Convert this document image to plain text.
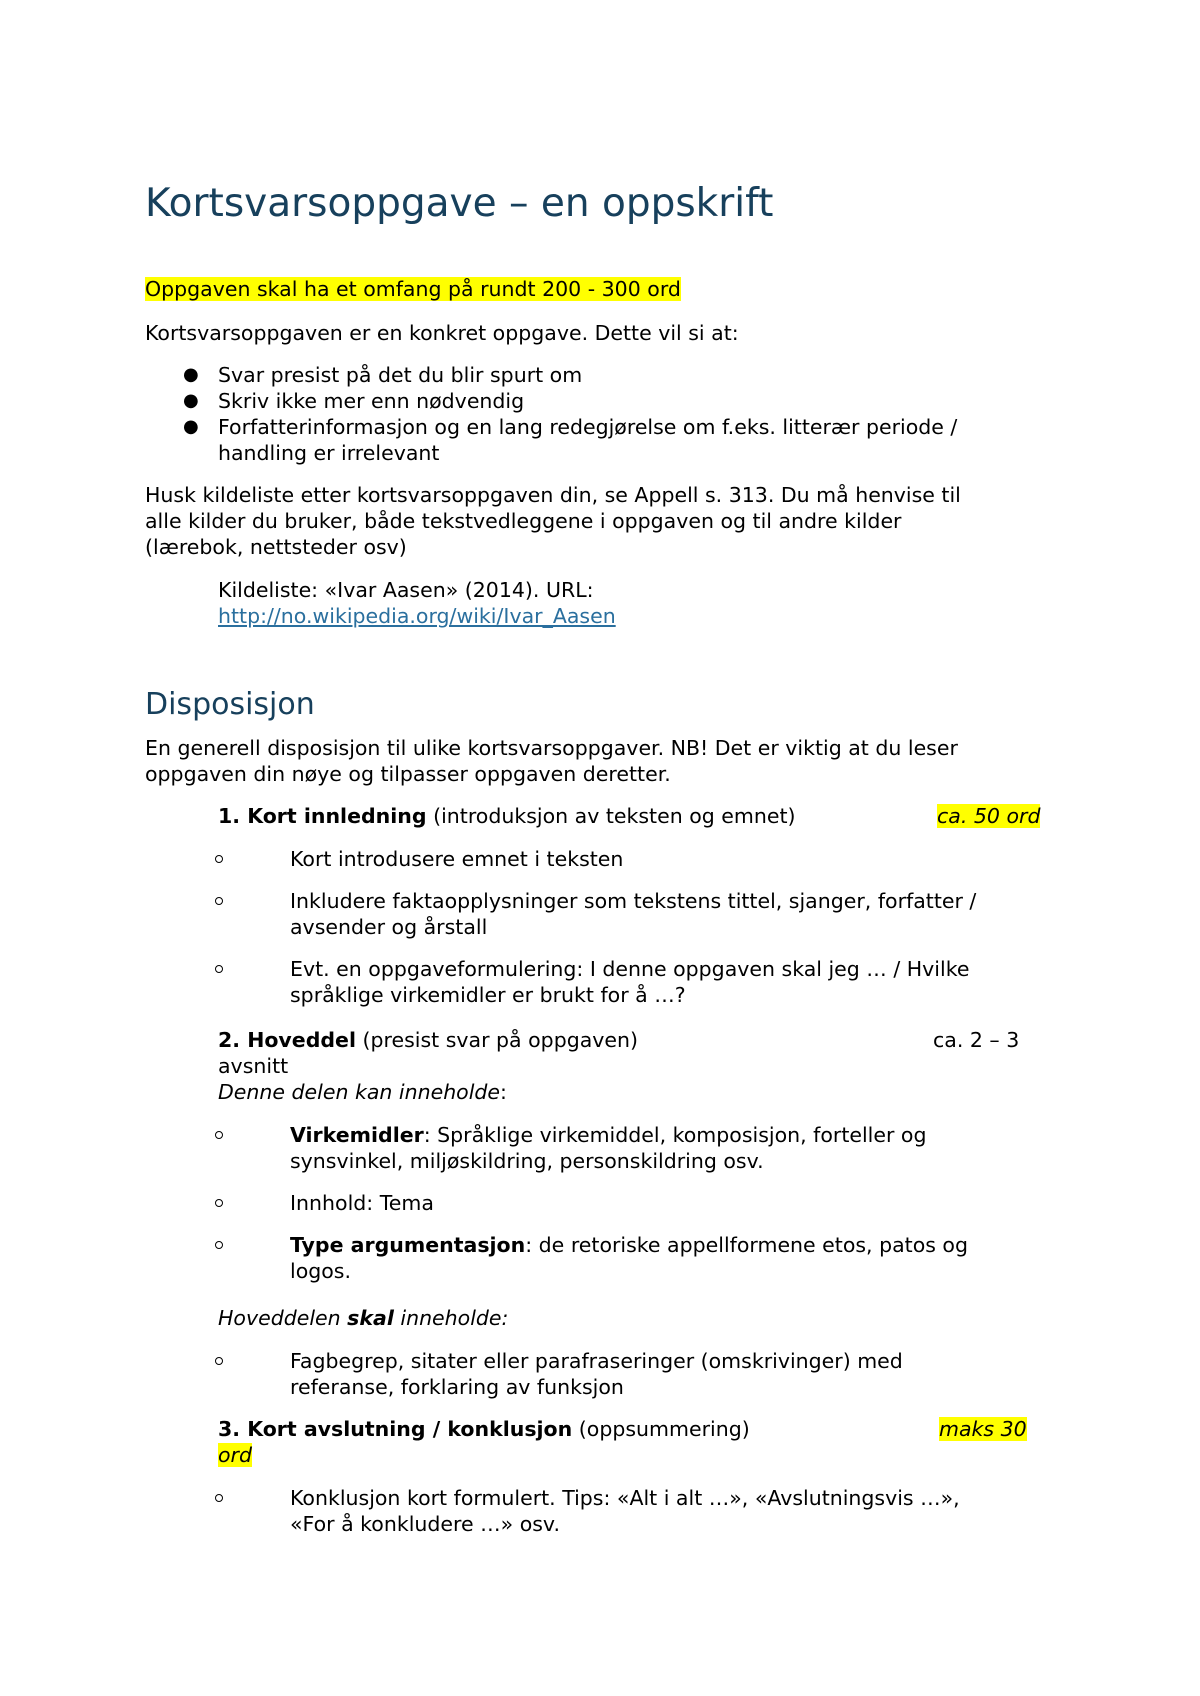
Kortsvarsoppgave – en oppskrift
Oppgaven skal ha et omfang på rundt 200 - 300 ord
Kortsvarsoppgaven er en konkret oppgave. Dette vil si at:
● Svar presist på det du blir spurt om
● Skriv ikke mer enn nødvendig
● Forfatterinformasjon og en lang redegjørelse om f.eks. litterær periode /
handling er irrelevant

Husk kildeliste etter kortsvarsoppgaven din, se Appell s. 313. Du må henvise til

alle kilder du bruker, både tekstvedleggene i oppgaven og til andre kilder

(lærebok, nettsteder osv)

Kildeliste: «Ivar Aasen» (2014). URL:

http://no.wikipedia.org/wiki/Ivar_Aasen

Disposisjon

En generell disposisjon til ulike kortsvarsoppgaver. NB! Det er viktig at du leser

oppgaven din nøye og tilpasser oppgaven deretter.

1. Kort innledning (introduksjon av teksten og emnet)	ca. 50 ord
Kort introdusere emnet i teksten
Inkludere faktaopplysninger som tekstens tittel, sjanger, forfatter /
avsender og årstall
Evt. en oppgaveformulering: I denne oppgaven skal jeg … / Hvilke
språklige virkemidler er brukt for å …?
2. Hoveddel (presist svar på oppgaven)	ca. 2 – 3
avsnitt
Denne delen kan inneholde:
Virkemidler: Språklige virkemiddel, komposisjon, forteller og
synsvinkel, miljøskildring, personskildring osv.
Innhold: Tema
Type argumentasjon: de retoriske appellformene etos, patos og
logos.
Hoveddelen skal inneholde:
Fagbegrep, sitater eller parafraseringer (omskrivinger) med
referanse, forklaring av funksjon
3. Kort avslutning / konklusjon (oppsummering)	maks 30
ord
Konklusjon kort formulert. Tips: «Alt i alt …», «Avslutningsvis …»,
«For å konkludere …» osv.
